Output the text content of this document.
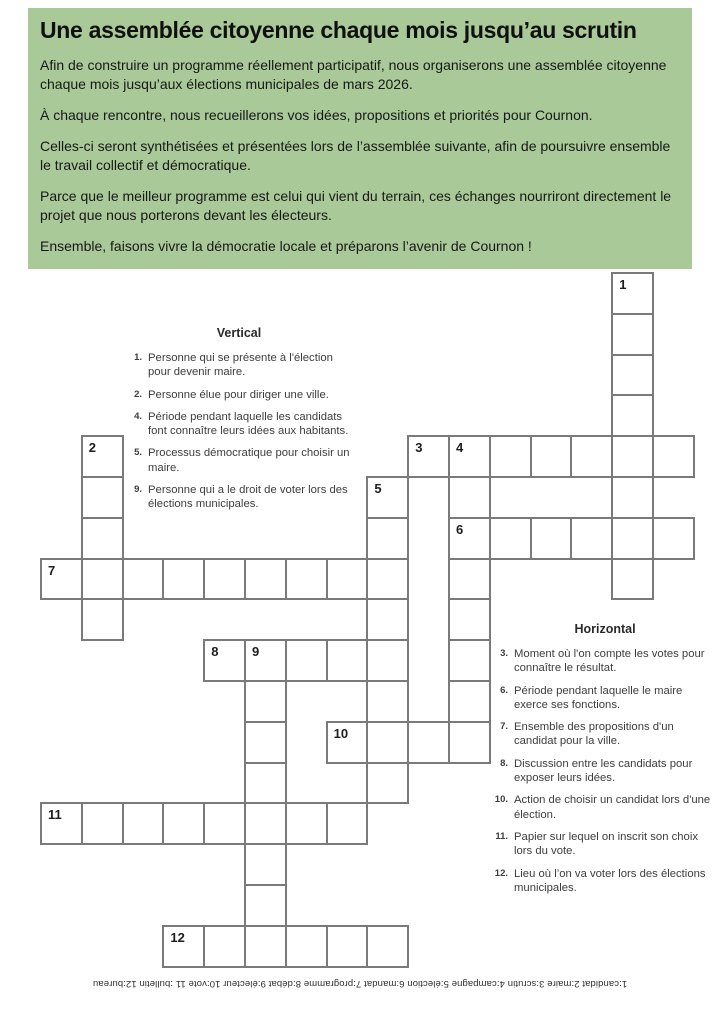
Une assemblée citoyenne chaque mois jusqu’au scrutin

Afin de construire un programme réellement participatif, nous organiserons une assemblée citoyenne chaque mois jusqu’aux élections municipales de mars 2026.

À chaque rencontre, nous recueillerons vos idées, propositions et priorités pour Cournon.

Celles-ci seront synthétisées et présentées lors de l’assemblée suivante, afin de poursuivre ensemble le travail collectif et démocratique.

Parce que le meilleur programme est celui qui vient du terrain, ces échanges nourriront directement le projet que nous porterons devant les électeurs.

Ensemble, faisons vivre la démocratie locale et préparons l’avenir de Cournon !

Vertical
1. Personne qui se présente à l'élection pour devenir maire.
2. Personne élue pour diriger une ville.
4. Période pendant laquelle les candidats font connaître leurs idées aux habitants.
5. Processus démocratique pour choisir un maire.
9. Personne qui a le droit de voter lors des élections municipales.
Horizontal
3. Moment où l'on compte les votes pour connaître le résultat.
6. Période pendant laquelle le maire exerce ses fonctions.
7. Ensemble des propositions d'un candidat pour la ville.
8. Discussion entre les candidats pour exposer leurs idées.
10. Action de choisir un candidat lors d'une élection.
11. Papier sur lequel on inscrit son choix lors du vote.
12. Lieu où l’on va voter lors des élections municipales.
1
2	3	4
5
6
7
8	9
10
11
12
1:candidat 2:maire 3:scrutin 4:campagne 5:élection 6:mandat 7:programme 8:débat 9:électeur 10:vote 11 :bulletin 12:bureau
